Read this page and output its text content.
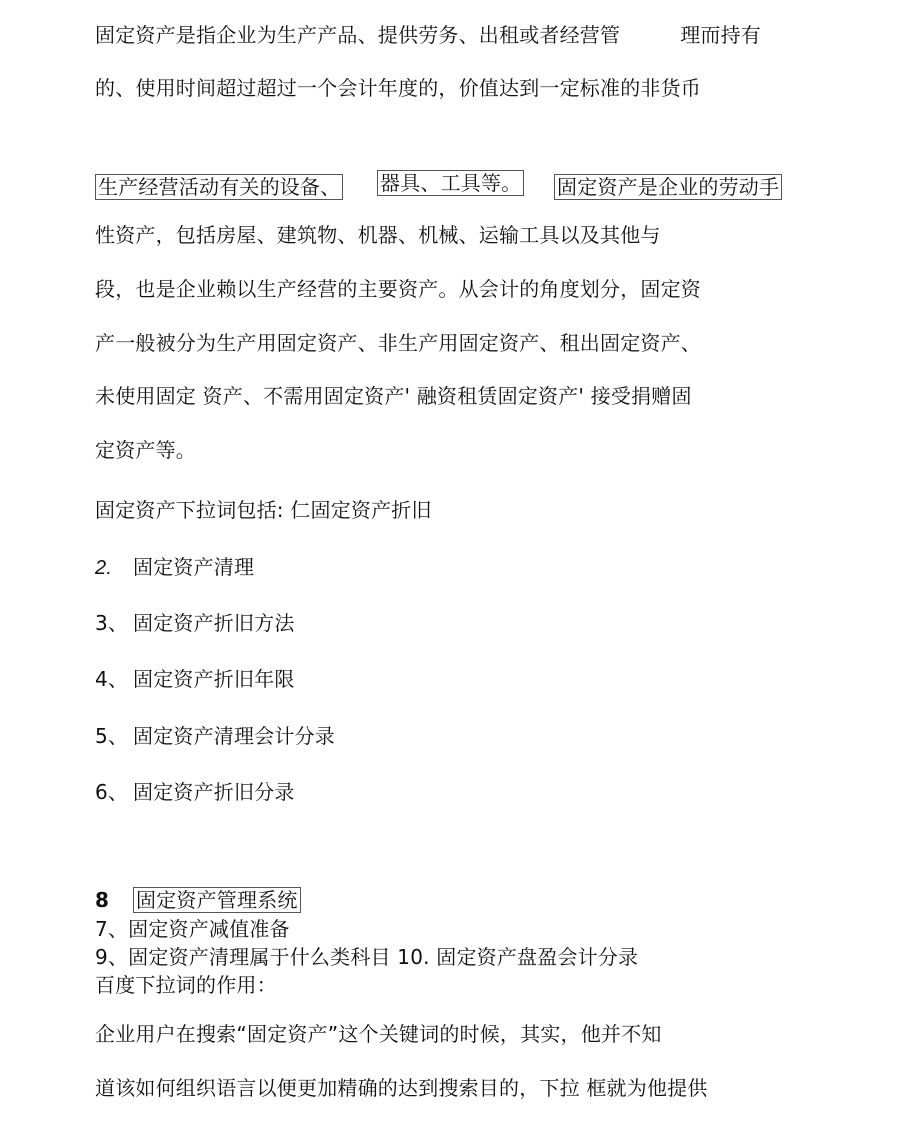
固定资产是指企业为生产产品、提供劳务、出租或者经营管	理而持有
的、使用时间超过超过一个会计年度的，价值达到一定标准的非货币
生产经营活动有关的设备、 器具、工具等。 固定资产是企业的劳动手
性资产，包括房屋、建筑物、机器、机械、运输工具以及其他与
段，也是企业赖以生产经营的主要资产。从会计的角度划分，固定资
产一般被分为生产用固定资产、非生产用固定资产、租出固定资产、
未使用固定 资产、不需用固定资产' 融资租赁固定资产' 接受捐赠固
定资产等。
固定资产下拉词包括: 仁固定资产折旧
2. 固定资产清理
3、 固定资产折旧方法
4、 固定资产折旧年限
5、 固定资产清理会计分录
6、 固定资产折旧分录
8 固定资产管理系统
7、固定资产减值准备
9、固定资产清理属于什么类科目 10. 固定资产盘盈会计分录
百度下拉词的作用：
企业用户在搜索“固定资产”这个关键词的时候，其实，他并不知
道该如何组织语言以便更加精确的达到搜索目的，下拉 框就为他提供
